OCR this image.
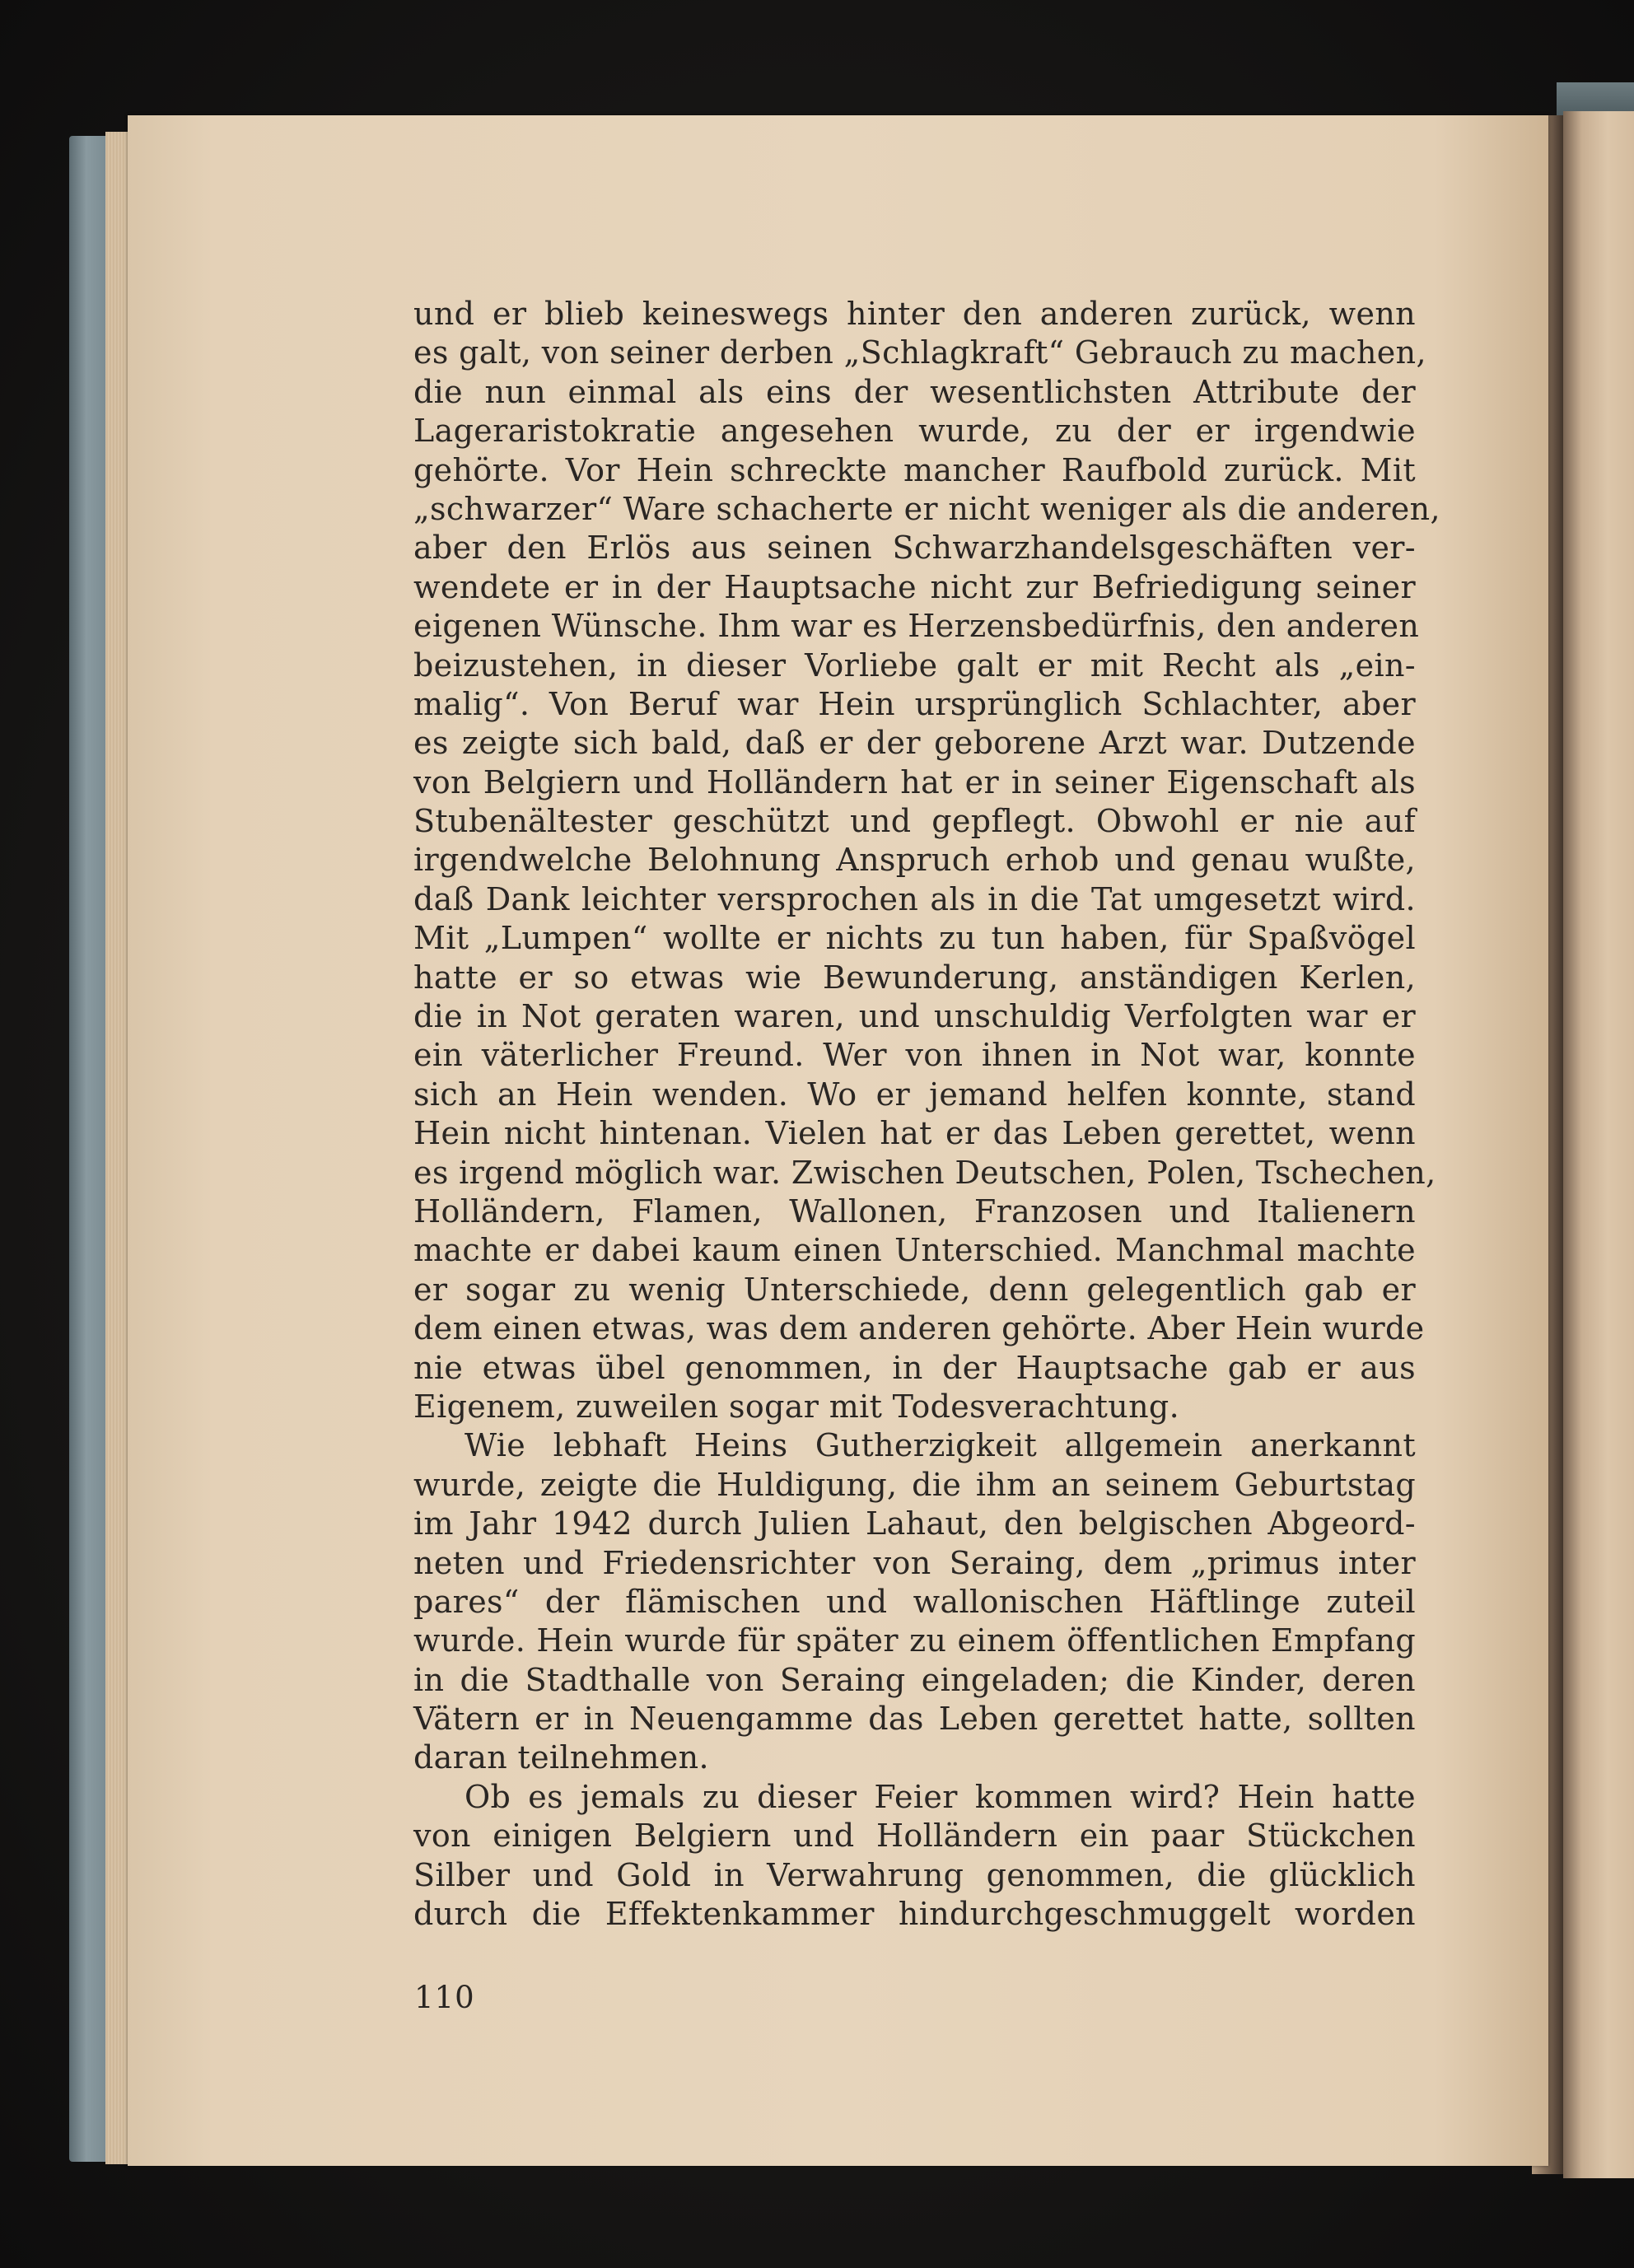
und er blieb keineswegs hinter den anderen zurück, wenn
es galt, von seiner derben „Schlagkraft“ Gebrauch zu machen,
die nun einmal als eins der wesentlichsten Attribute der
Lageraristokratie angesehen wurde, zu der er irgendwie
gehörte. Vor Hein schreckte mancher Raufbold zurück. Mit
„schwarzer“ Ware schacherte er nicht weniger als die anderen,
aber den Erlös aus seinen Schwarzhandelsgeschäften ver-
wendete er in der Hauptsache nicht zur Befriedigung seiner
eigenen Wünsche. Ihm war es Herzensbedürfnis, den anderen
beizustehen, in dieser Vorliebe galt er mit Recht als „ein-
malig“. Von Beruf war Hein ursprünglich Schlachter, aber
es zeigte sich bald, daß er der geborene Arzt war. Dutzende
von Belgiern und Holländern hat er in seiner Eigenschaft als
Stubenältester geschützt und gepflegt. Obwohl er nie auf
irgendwelche Belohnung Anspruch erhob und genau wußte,
daß Dank leichter versprochen als in die Tat umgesetzt wird.
Mit „Lumpen“ wollte er nichts zu tun haben, für Spaßvögel
hatte er so etwas wie Bewunderung, anständigen Kerlen,
die in Not geraten waren, und unschuldig Verfolgten war er
ein väterlicher Freund. Wer von ihnen in Not war, konnte
sich an Hein wenden. Wo er jemand helfen konnte, stand
Hein nicht hintenan. Vielen hat er das Leben gerettet, wenn
es irgend möglich war. Zwischen Deutschen, Polen, Tschechen,
Holländern, Flamen, Wallonen, Franzosen und Italienern
machte er dabei kaum einen Unterschied. Manchmal machte
er sogar zu wenig Unterschiede, denn gelegentlich gab er
dem einen etwas, was dem anderen gehörte. Aber Hein wurde
nie etwas übel genommen, in der Hauptsache gab er aus
Eigenem, zuweilen sogar mit Todesverachtung.
Wie lebhaft Heins Gutherzigkeit allgemein anerkannt
wurde, zeigte die Huldigung, die ihm an seinem Geburtstag
im Jahr 1942 durch Julien Lahaut, den belgischen Abgeord-
neten und Friedensrichter von Seraing, dem „primus inter
pares“ der flämischen und wallonischen Häftlinge zuteil
wurde. Hein wurde für später zu einem öffentlichen Empfang
in die Stadthalle von Seraing eingeladen; die Kinder, deren
Vätern er in Neuengamme das Leben gerettet hatte, sollten
daran teilnehmen.
Ob es jemals zu dieser Feier kommen wird? Hein hatte
von einigen Belgiern und Holländern ein paar Stückchen
Silber und Gold in Verwahrung genommen, die glücklich
durch die Effektenkammer hindurchgeschmuggelt worden
110
